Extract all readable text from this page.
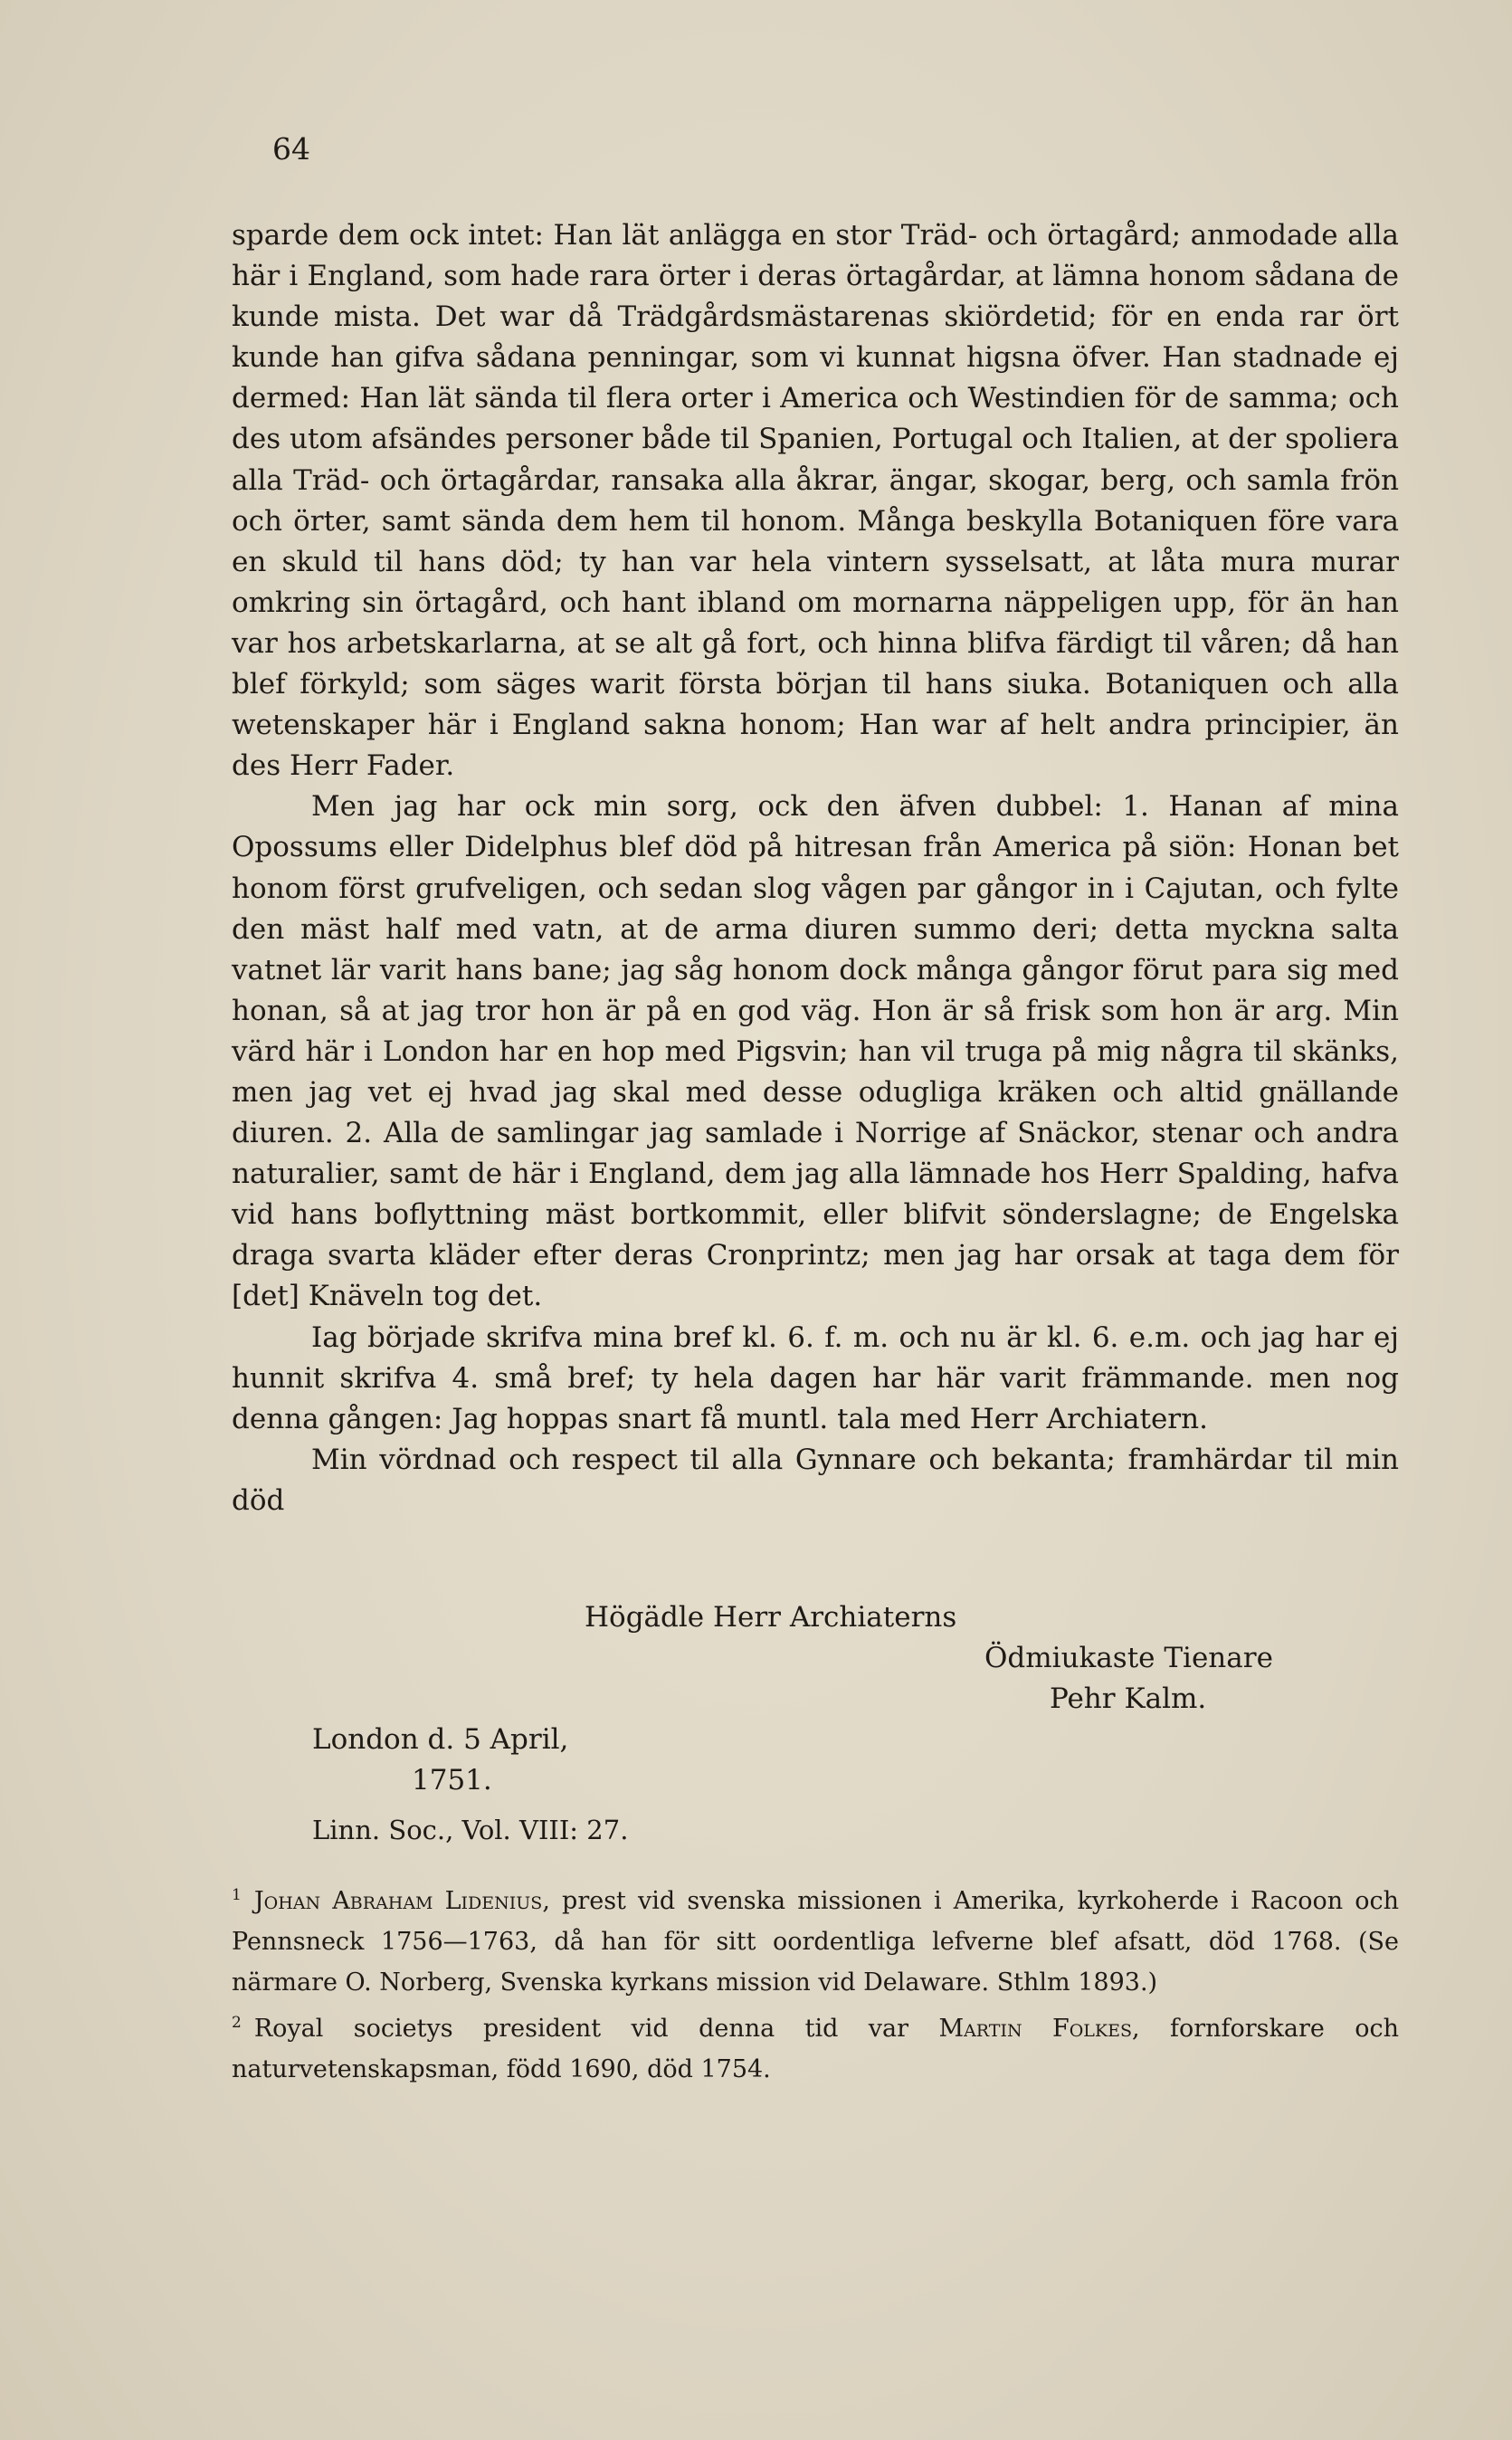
64

sparde dem ock intet: Han lät anlägga en stor Träd- och örtagård; anmodade alla här i England, som hade rara örter i deras örtagårdar, at lämna honom sådana de kunde mista. Det war då Trädgårdsmästarenas skiördetid; för en enda rar ört kunde han gifva sådana penningar, som vi kunnat higsna öfver. Han stadnade ej dermed: Han lät sända til flera orter i America och Westindien för de samma; och des utom afsändes personer både til Spanien, Portugal och Italien, at der spoliera alla Träd- och örtagårdar, ransaka alla åkrar, ängar, skogar, berg, och samla frön och örter, samt sända dem hem til honom. Många beskylla Botaniquen före vara en skuld til hans död; ty han var hela vintern sysselsatt, at låta mura murar omkring sin örtagård, och hant ibland om mornarna näppeligen upp, för än han var hos arbetskarlarna, at se alt gå fort, och hinna blifva färdigt til våren; då han blef förkyld; som säges warit första början til hans siuka. Botaniquen och alla wetenskaper här i England sakna honom; Han war af helt andra principier, än des Herr Fader.

Men jag har ock min sorg, ock den äfven dubbel: 1. Hanan af mina Opossums eller Didelphus blef död på hitresan från America på siön: Honan bet honom först grufveligen, och sedan slog vågen par gångor in i Cajutan, och fylte den mäst half med vatn, at de arma diuren summo deri; detta myckna salta vatnet lär varit hans bane; jag såg honom dock många gångor förut para sig med honan, så at jag tror hon är på en god väg. Hon är så frisk som hon är arg. Min värd här i London har en hop med Pigsvin; han vil truga på mig några til skänks, men jag vet ej hvad jag skal med desse odugliga kräken och altid gnällande diuren. 2. Alla de samlingar jag samlade i Norrige af Snäckor, stenar och andra naturalier, samt de här i England, dem jag alla lämnade hos Herr Spalding, hafva vid hans boflyttning mäst bortkommit, eller blifvit sönderslagne; de Engelska draga svarta kläder efter deras Cronprintz; men jag har orsak at taga dem för [det] Knäveln tog det.

Iag började skrifva mina bref kl. 6. f. m. och nu är kl. 6. e.m. och jag har ej hunnit skrifva 4. små bref; ty hela dagen har här varit främmande. men nog denna gången: Jag hoppas snart få muntl. tala med Herr Archiatern.

Min vördnad och respect til alla Gynnare och bekanta; framhärdar til min död

Högädle Herr Archiaterns
Ödmiukaste Tienare
Pehr Kalm.
London d. 5 April,
1751.
Linn. Soc., Vol. VIII: 27.

$^1$ Johan Abraham Lidenius, prest vid svenska missionen i Amerika, kyrkoherde i Racoon och Pennsneck 1756—1763, då han för sitt oordentliga lefverne blef afsatt, död 1768. (Se närmare O. Norberg, Svenska kyrkans mission vid Delaware. Sthlm 1893.)

$^2$ Royal societys president vid denna tid var Martin Folkes, fornforskare och naturvetenskapsman, född 1690, död 1754.
